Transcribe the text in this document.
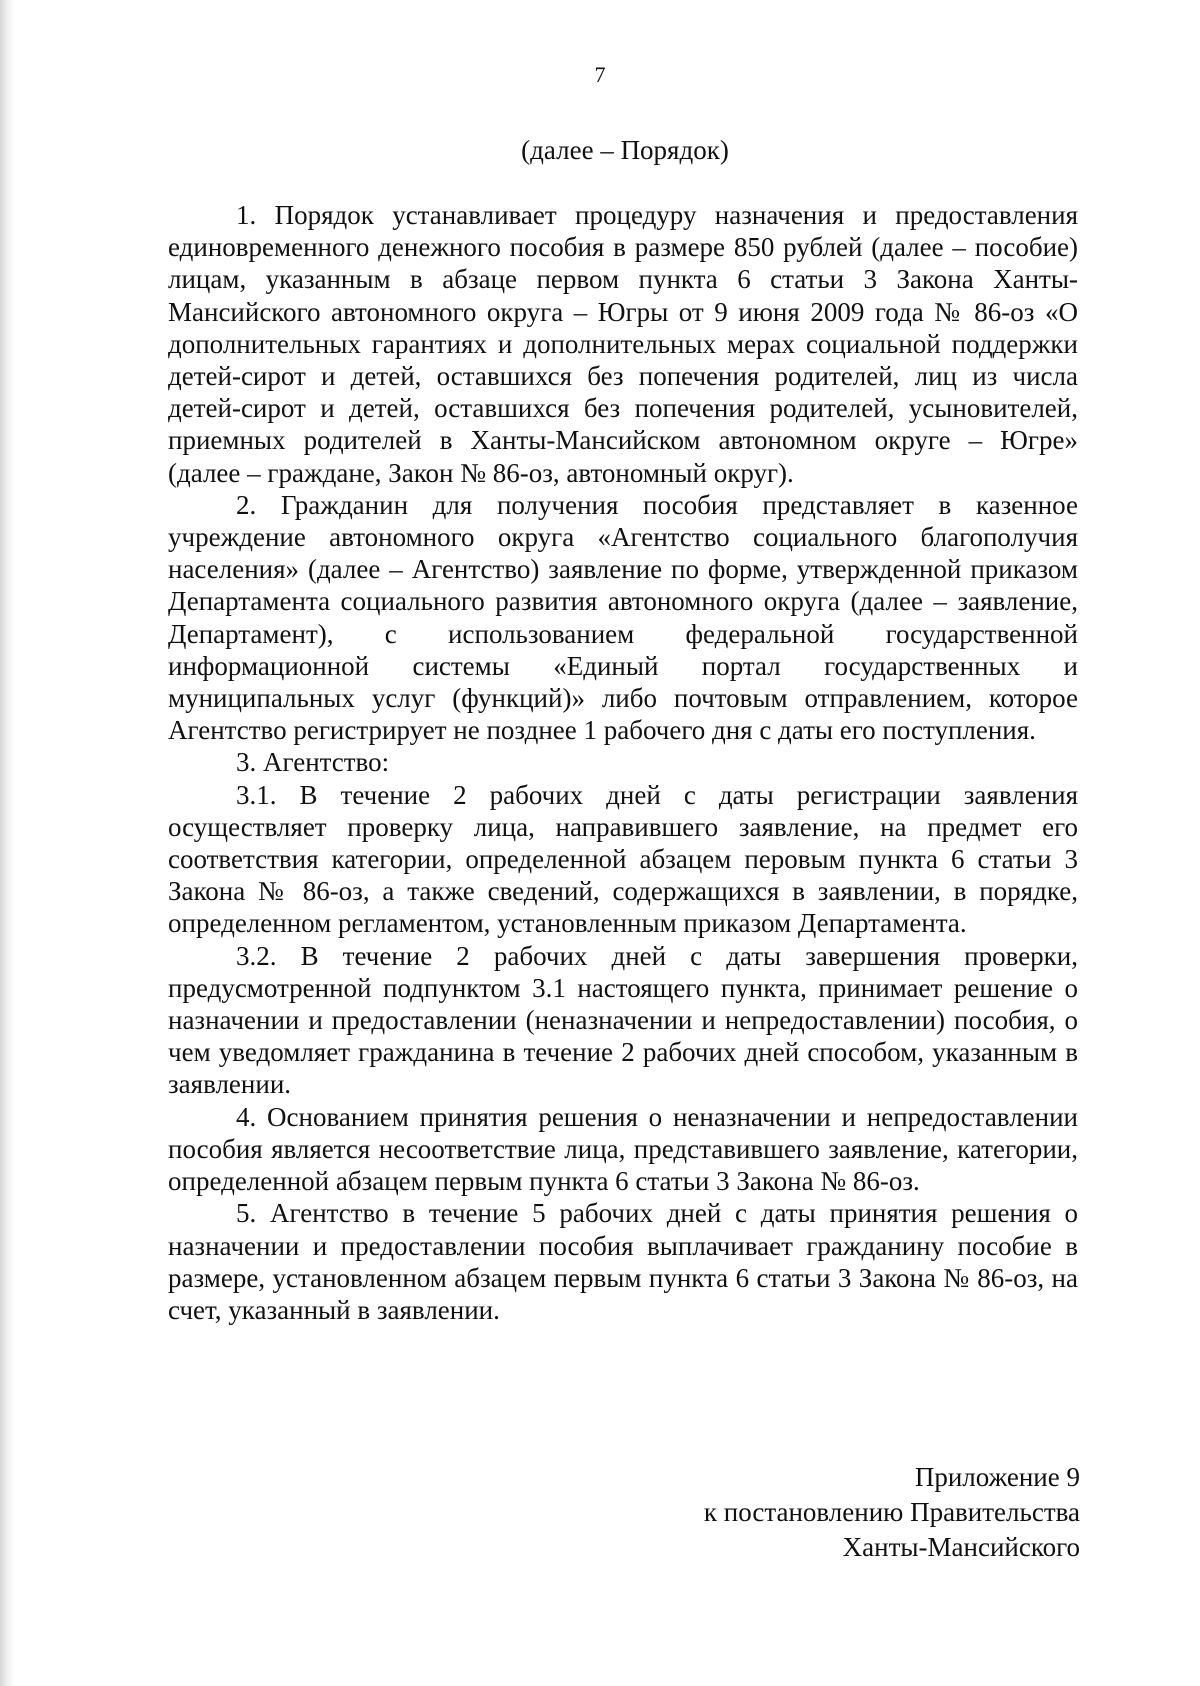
7
(далее – Порядок)

1. Порядок устанавливает процедуру назначения и предоставления единовременного денежного пособия в размере 850 рублей (далее – пособие) лицам, указанным в абзаце первом пункта 6 статьи 3 Закона Ханты-Мансийского автономного округа – Югры от 9 июня 2009 года № 86-оз «О дополнительных гарантиях и дополнительных мерах социальной поддержки детей-сирот и детей, оставшихся без попечения родителей, лиц из числа детей-сирот и детей, оставшихся без попечения родителей, усыновителей, приемных родителей в Ханты-Мансийском автономном округе – Югре» (далее – граждане, Закон № 86-оз, автономный округ).

2. Гражданин для получения пособия представляет в казенное учреждение автономного округа «Агентство социального благополучия населения» (далее – Агентство) заявление по форме, утвержденной приказом Департамента социального развития автономного округа (далее – заявление, Департамент), с использованием федеральной государственной информационной системы «Единый портал государственных и муниципальных услуг (функций)» либо почтовым отправлением, которое Агентство регистрирует не позднее 1 рабочего дня с даты его поступления.

3. Агентство:

3.1. В течение 2 рабочих дней с даты регистрации заявления осуществляет проверку лица, направившего заявление, на предмет его соответствия категории, определенной абзацем перовым пункта 6 статьи 3 Закона № 86-оз, а также сведений, содержащихся в заявлении, в порядке, определенном регламентом, установленным приказом Департамента.

3.2. В течение 2 рабочих дней с даты завершения проверки, предусмотренной подпунктом 3.1 настоящего пункта, принимает решение о назначении и предоставлении (неназначении и непредоставлении) пособия, о чем уведомляет гражданина в течение 2 рабочих дней способом, указанным в заявлении.

4. Основанием принятия решения о неназначении и непредоставлении пособия является несоответствие лица, представившего заявление, категории, определенной абзацем первым пункта 6 статьи 3 Закона № 86-оз.

5. Агентство в течение 5 рабочих дней с даты принятия решения о назначении и предоставлении пособия выплачивает гражданину пособие в размере, установленном абзацем первым пункта 6 статьи 3 Закона № 86-оз, на счет, указанный в заявлении.

Приложение 9
к постановлению Правительства
Ханты-Мансийского
